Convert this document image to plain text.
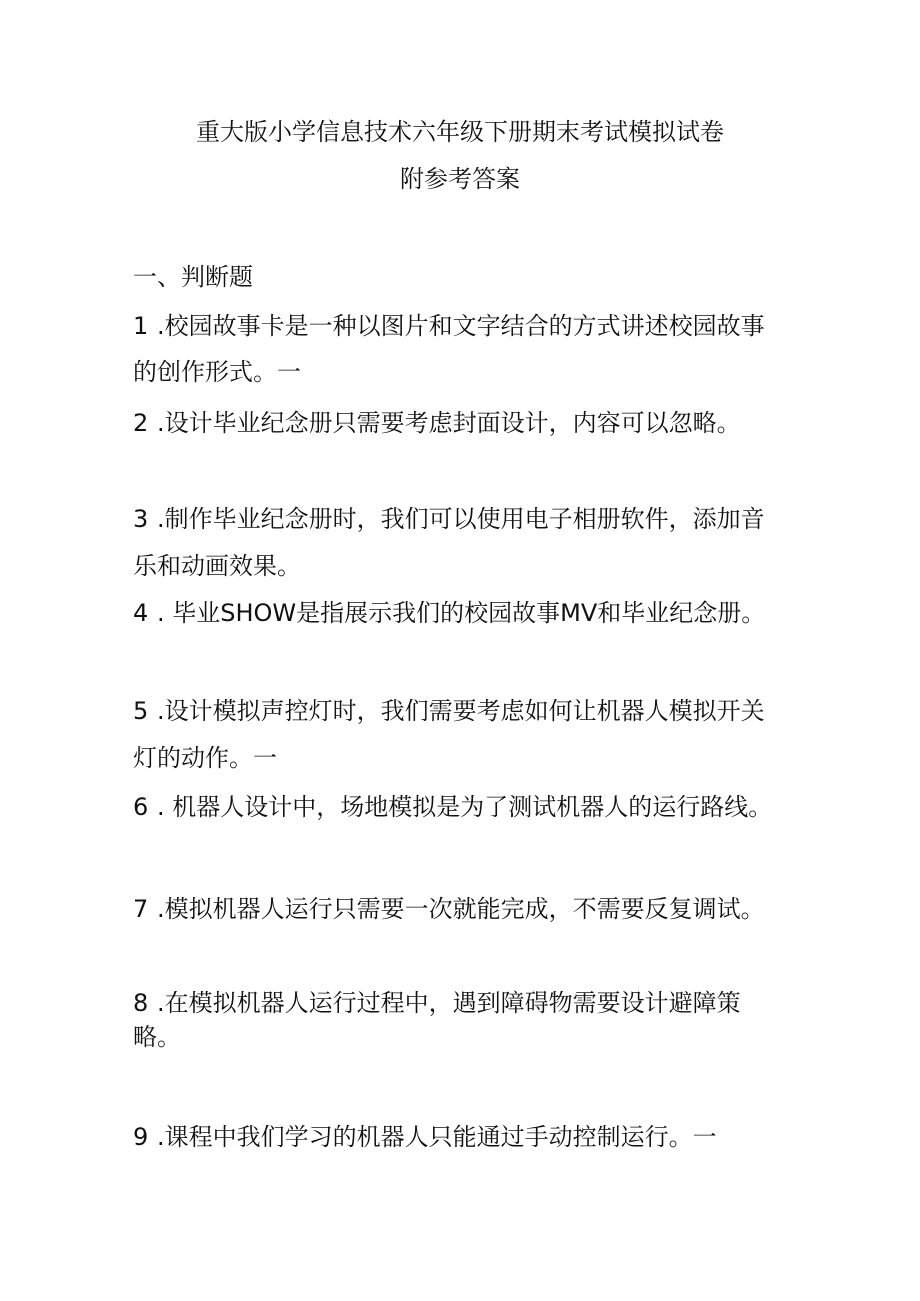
重大版小学信息技术六年级下册期末考试模拟试卷
附参考答案
一、判断题
1 .校园故事卡是一种以图片和文字结合的方式讲述校园故事
的创作形式。一
2 .设计毕业纪念册只需要考虑封面设计，内容可以忽略。
3 .制作毕业纪念册时，我们可以使用电子相册软件，添加音
乐和动画效果。
4 . 毕业SHOW是指展示我们的校园故事MV和毕业纪念册。
5 .设计模拟声控灯时，我们需要考虑如何让机器人模拟开关
灯的动作。一
6 . 机器人设计中，场地模拟是为了测试机器人的运行路线。
7 .模拟机器人运行只需要一次就能完成，不需要反复调试。
8 .在模拟机器人运行过程中，遇到障碍物需要设计避障策
略。
9 .课程中我们学习的机器人只能通过手动控制运行。一
